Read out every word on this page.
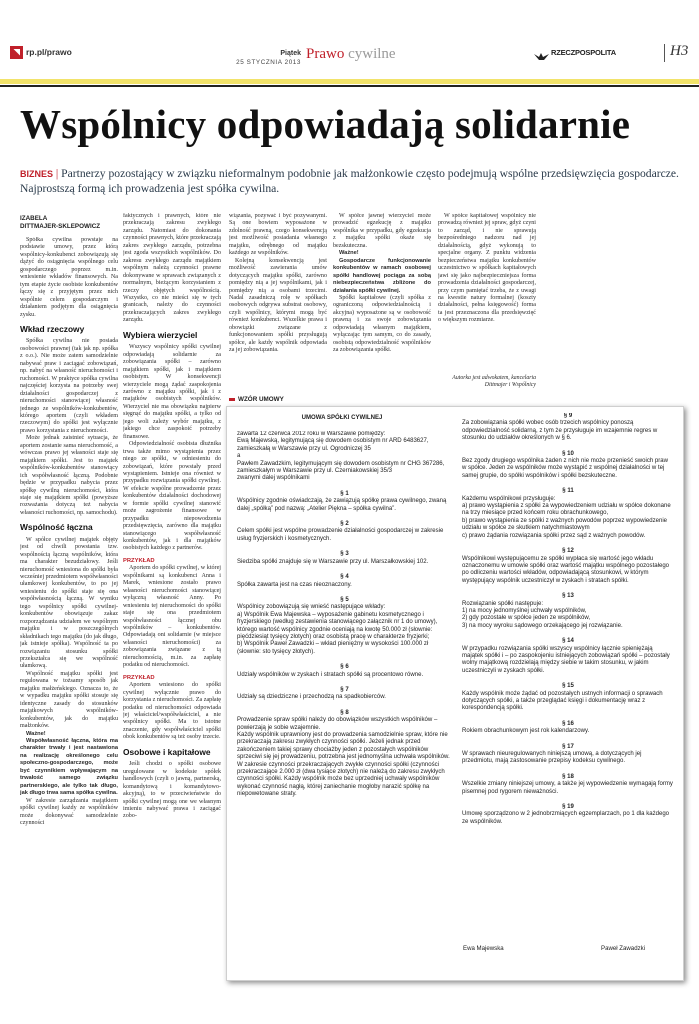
rp.pl/prawo	Piątek
25 STYCZNIA 2013
Prawo cywilne	RZECZPOSPOLITA	H3
Wspólnicy odpowiadają solidarnie
BIZNES | Partnerzy pozostający w związku nieformalnym podobnie jak małżonkowie często podejmują wspólne przedsięwzięcia gospodarcze. Najprostszą formą ich prowadzenia jest spółka cywilna.
IZABELA
DITTMAJER-SKLEPOWICZ
Spółka cywilna powstaje na podstawie umowy, przez którą wspólnicy-konkubenci zobowiązują się dążyć do osiągnięcia wspólnego celu gospodarczego poprzez m.in. wniesienie wkładów finansowych. Na tym etapie życie osobiste konkubentów łączy się z przyjętym przez nich wspólnie celem gospodarczym i działaniem podjętym dla osiągnięcia zysku.
Wkład rzeczowy
Spółka cywilna nie posiada osobowości prawnej (tak jak np. spółka z o.o.). Nie może zatem samodzielnie nabywać praw i zaciągać zobowiązań, np. nabyć na własność nieruchomości i ruchomości. W praktyce spółka cywilna najczęściej korzysta na potrzeby swej działalności gospodarczej z nieruchomości stanowiącej własność jednego ze wspólników-konkubentów, którego aportem (czyli wkładem rzeczowym) do spółki jest wyłącznie prawo korzystania z nieruchomości.
Może jednak zaistnieć sytuacja, że aportem zostanie sama nieruchomość, a wówczas prawo jej własności staje się majątkiem spółki. Jest to majątek wspólników-konkubentów stanowiący ich współwłasność łączną. Podobnie będzie w przypadku nabycia przez spółkę cywilną nieruchomości, która staje się majątkiem spółki (powyższe rozważania dotyczą też nabycia własności ruchomości, np. samochodu).
Wspólność łączna
W spółce cywilnej majątek objęty jest od chwili powstania tzw. wspólnością łączną wspólników, która ma charakter bezudziałowy. Jeśli nieruchomość wniesiona do spółki była wcześniej przedmiotem współwłasności ułamkowej konkubentów, to po jej wniesieniu do spółki staje się ona współwłasnością łączną. W wyniku tego wspólnicy spółki cywilnej-konkubentów obowiązuje zakaz rozporządzania udziałem we wspólnym majątku i w poszczególnych składnikach tego majątku (do jak długo, jak istnieje spółka). Wspólność ta po rozwiązaniu stosunku spółki przekształca się we wspólność ułamkową.
Wspólność majątku spółki jest regulowana w tożsamy sposób jak majątku małżeńskiego. Oznacza to, że w wypadku majątku spółki stosuje się identyczne zasady do stosunków majątkowych wspólników-konkubentów, jak do majątku małżonków.
Ważne!
Współwłasność łączna, która ma charakter trwały i jest nastawiona na realizację określonego celu społeczno-gospodarczego, może być czynnikiem wpływającym na trwałość samego związku partnerskiego, ale tylko tak długo, jak długo trwa sama spółka cywilna.
W zakresie zarządzania majątkiem spółki cywilnej każdy ze wspólników może dokonywać samodzielnie czynności
faktycznych i prawnych, które nie przekraczają zakresu zwykłego zarządu. Natomiast do dokonania czynności prawnych, które przekraczają zakres zwykłego zarządu, potrzebna jest zgoda wszystkich wspólników. Do zakresu zwykłego zarządu majątkiem wspólnym należą czynności prawne dokonywane w sprawach związanych z normalnym, bieżącym korzystaniem z rzeczy objętych wspólnością. Wszystko, co nie mieści się w tych granicach, należy do czynności przekraczających zakres zwykłego zarządu.
Wybiera wierzyciel
Wszyscy wspólnicy spółki cywilnej odpowiadają solidarnie za zobowiązania spółki – zarówno majątkiem spółki, jak i majątkiem osobistym. W konsekwencji wierzyciele mogą żądać zaspokojenia zarówno z majątku spółki, jak i z majątków osobistych wspólników. Wierzyciel nie ma obowiązku najpierw sięgnąć do majątku spółki, a tylko od jego woli zależy wybór majątku, z jakiego chce zaspokoić potrzeby finansowe.
Odpowiedzialność osobista dłużnika trwa także mimo wystąpienia przez niego ze spółki, w odniesieniu do zobowiązań, które powstały przed wystąpieniem. Istnieje ona również w przypadku rozwiązania spółki cywilnej. W efekcie wspólne prowadzenie przez konkubentów działalności dochodowej w formie spółki cywilnej stanowić może zagrożenie finansowe w przypadku niepowodzenia przedsięwzięcia, zarówno dla majątku stanowiącego współwłasność konkubentów, jak i dla majątków osobistych każdego z partnerów.
PRZYKŁAD
Aportem do spółki cywilnej, w której wspólnikami są konkubenci Anna i Marek, wniesione zostało prawo własności nieruchomości stanowiącej wyłączną własność Anny. Po wniesieniu tej nieruchomości do spółki staje się ona przedmiotem współwłasności łącznej obu wspólników – konkubentów. Odpowiadają oni solidarnie (w miejsce własności nieruchomości) za zobowiązania związane z tą nieruchomością, m.in. za zapłatę podatku od nieruchomości.
PRZYKŁAD
Aportem wniesiono do spółki cywilnej wyłącznie prawo do korzystania z nieruchomości. Za zapłatę podatku od nieruchomości odpowiada jej właściciel/współwłaściciel, a nie wspólnicy spółki. Ma to istotne znaczenie, gdy współwłaściciel spółki obok konkubentów są też osoby trzecie.
Osobowe i kapitałowe
Jeśli chodzi o spółki osobowe uregulowane w kodeksie spółek handlowych (czyli o jawną, partnerską, komandytową i komandytowo-akcyjną), to w przeciwieństwie do spółki cywilnej mogą one we własnym imieniu nabywać prawa i zaciągać zobo-
wiązania, pozywać i być pozywanymi. Są one bowiem wyposażone w zdolność prawną, czego konsekwencją jest możliwość posiadania własnego majątku, odrębnego od majątku każdego ze wspólników.
Kolejną konsekwencją jest możliwość zawierania umów dotyczących majątku spółki, zarówno pomiędzy nią a jej wspólnikami, jak i pomiędzy nią a osobami trzecimi. Nadal zasadniczą rolę w spółkach osobowych odgrywa substrat osobowy, czyli wspólnicy, którymi mogą być również konkubenci. Wszelkie prawa i obowiązki związane z funkcjonowaniem spółki przysługują spółce, ale każdy wspólnik odpowiada za jej zobowiązania.
W spółce jawnej wierzyciel może prowadzić egzekucję z majątku wspólnika w przypadku, gdy egzekucja z majątku spółki okaże się bezskuteczna.
Ważne!
Gospodarcze funkcjonowanie konkubentów w ramach osobowej spółki handlowej pociąga za sobą niebezpieczeństwa zbliżone do działania spółki cywilnej.
Spółki kapitałowe (czyli spółka z ograniczoną odpowiedzialnością i akcyjna) wyposażone są w osobowość prawną i za swoje zobowiązania odpowiadają własnym majątkiem, wyłączając tym samym, co do zasady, osobistą odpowiedzialność wspólników za zobowiązania spółki.
W spółce kapitałowej wspólnicy nie prowadzą również jej spraw, gdyż czyni to zarząd, i nie sprawują bezpośredniego nadzoru nad jej działalnością, gdyż wykonują to specjalne organy. Z punktu widzenia bezpieczeństwa majątku konkubentów uczestnictwo w spółkach kapitałowych jawi się jako najbezpieczniejsza forma prowadzenia działalności gospodarczej, przy czym pamiętać trzeba, że z uwagi na kwestie natury formalnej (koszty działalności, pełna księgowość) forma ta jest przeznaczona dla przedsięwzięć o większym rozmiarze.
Autorka jest adwokatem, kancelaria
Dittmajer i Wspólnicy
WZÓR UMOWY
UMOWA SPÓŁKI CYWILNEJ
zawarta 12 czerwca 2012 roku w Warszawie pomiędzy:
Ewą Majewską, legitymującą się dowodem osobistym nr ARD 6483627, zamieszkałą w Warszawie przy ul. Ogrodniczej 35
a
Pawłem Zawadzkim, legitymującym się dowodem osobistym nr CHG 367286, zamieszkałym w Warszawie przy ul. Czerniakowskiej 35/3
zwanymi dalej wspólnikami
§ 1
Wspólnicy zgodnie oświadczają, że zawiązują spółkę prawa cywilnego, zwaną dalej „spółką” pod nazwą: „Atelier Piękna – spółka cywilna”.
§ 2
Celem spółki jest wspólne prowadzenie działalności gospodarczej w zakresie usług fryzjerskich i kosmetycznych.
§ 3
Siedziba spółki znajduje się w Warszawie przy ul. Marszałkowskiej 102.
§ 4
Spółka zawarta jest na czas nieoznaczony.
§ 5
Wspólnicy zobowiązują się wnieść następujące wkłady:
a) Wspólnik Ewa Majewska – wyposażenie gabinetu kosmetycznego i fryzjerskiego (według zestawienia stanowiącego załącznik nr 1 do umowy), którego wartość wspólnicy zgodnie oceniają na kwotę 50.000 zł (słownie: pięćdziesiąt tysięcy złotych) oraz osobistą pracę w charakterze fryzjerki;
b) Wspólnik Paweł Zawadzki – wkład pieniężny w wysokości 100.000 zł (słownie: sto tysięcy złotych).
§ 6
Udziały wspólników w zyskach i stratach spółki są procentowo równe.
§ 7
Udziały są dziedziczne i przechodzą na spadkobierców.
§ 8
Prowadzenie spraw spółki należy do obowiązków wszystkich wspólników – powierzają je sobie wzajemnie.
Każdy wspólnik uprawniony jest do prowadzenia samodzielnie spraw, które nie przekraczają zakresu zwykłych czynności spółki. Jeżeli jednak przed zakończeniem takiej sprawy chociażby jeden z pozostałych wspólników sprzeciwi się jej prowadzeniu, potrzebna jest jednomyślna uchwała wspólników.
W zakresie czynności przekraczających zwykłe czynności spółki (czynności przekraczające 2.000 zł (dwa tysiące złotych) nie należą do zakresu zwykłych czynności spółki. Każdy wspólnik może bez uprzedniej uchwały wspólników wykonać czynność nagłą, której zaniechanie mogłoby narazić spółkę na niepowetowane straty.
§ 9
Za zobowiązania spółki wobec osób trzecich wspólnicy ponoszą odpowiedzialność solidarną, z tym że przysługuje im wzajemnie regres w stosunku do udziałów określonych w § 6.
§ 10
Bez zgody drugiego wspólnika żaden z nich nie może przenieść swoich praw w spółce. Jeden ze wspólników może wystąpić z wspólnej działalności w tej samej grupie, do spółki wspólników i spółki bezskuteczne.
§ 11
Każdemu wspólnikowi przysługuje:
a) prawo wystąpienia z spółki za wypowiedzeniem udziału w spółce dokonane na trzy miesiące przed końcem roku obrachunkowego,
b) prawo wystąpienia ze spółki z ważnych powodów poprzez wypowiedzenie udziału w spółce ze skutkiem natychmiastowym
c) prawo żądania rozwiązania spółki przez sąd z ważnych powodów.
§ 12
Wspólnikowi występującemu ze spółki wypłaca się wartość jego wkładu oznaczonemu w umowie spółki oraz wartość majątku wspólnego pozostałego po odliczeniu wartości wkładów, odpowiadającą stosunkowi, w którym występujący wspólnik uczestniczył w zyskach i stratach spółki.
§ 13
Rozwiązanie spółki następuje:
1) na mocy jednomyślnej uchwały wspólników,
2) gdy pozostałe w spółce jeden ze wspólników,
3) na mocy wyroku sądowego orzekającego jej rozwiązanie.
§ 14
W przypadku rozwiązania spółki wszyscy wspólnicy łącznie spieniężają majątek spółki i – po zaspokojeniu istniejących zobowiązań spółki – pozostały wolny majątkową rozdzielają między siebie w takim stosunku, w jakim uczestniczyli w zyskach spółki.
§ 15
Każdy wspólnik może żądać od pozostałych ustnych informacji o sprawach dotyczących spółki, a także przeglądać księgi i dokumentację wraz z korespondencją spółki.
§ 16
Rokiem obrachunkowym jest rok kalendarzowy.
§ 17
W sprawach nieuregulowanych niniejszą umową, a dotyczących jej przedmiotu, mają zastosowanie przepisy kodeksu cywilnego.
§ 18
Wszelkie zmiany niniejszej umowy, a także jej wypowiedzenie wymagają formy pisemnej pod rygorem nieważności.
§ 19
Umowę sporządzono w 2 jednobrzmiących egzemplarzach, po 1 dla każdego ze wspólników.
Ewa Majewska	Paweł Zawadzki
